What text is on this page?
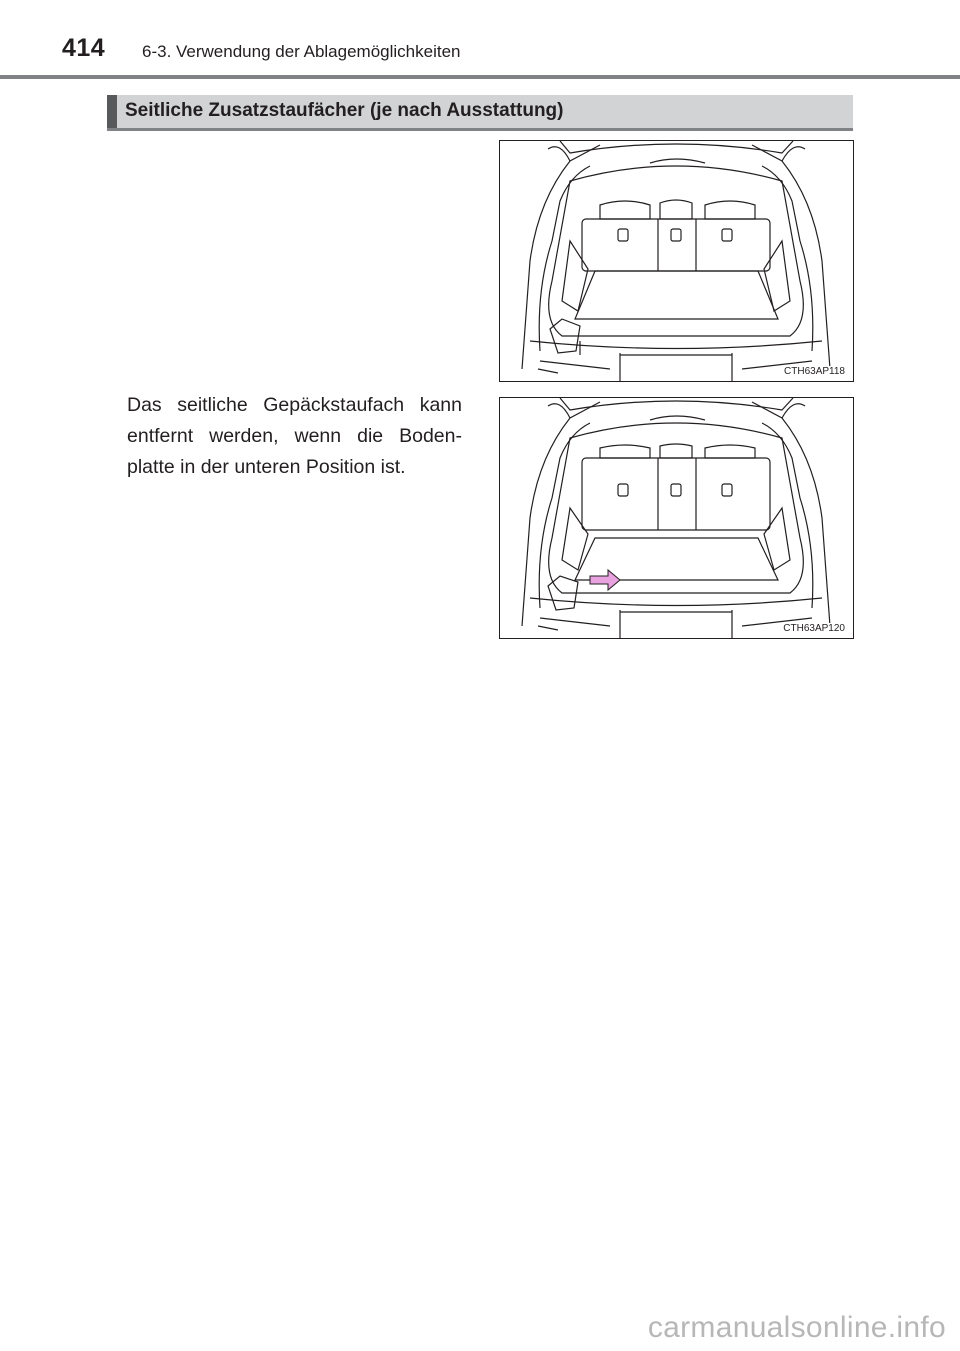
414 6-3. Verwendung der Ablagemöglichkeiten
Seitliche Zusatzstaufächer (je nach Ausstattung)
CTH63AP118
CTH63AP120
Das seitliche Gepäckstaufach kann entfernt werden, wenn die Boden-platte in der unteren Position ist.
carmanualsonline.info
